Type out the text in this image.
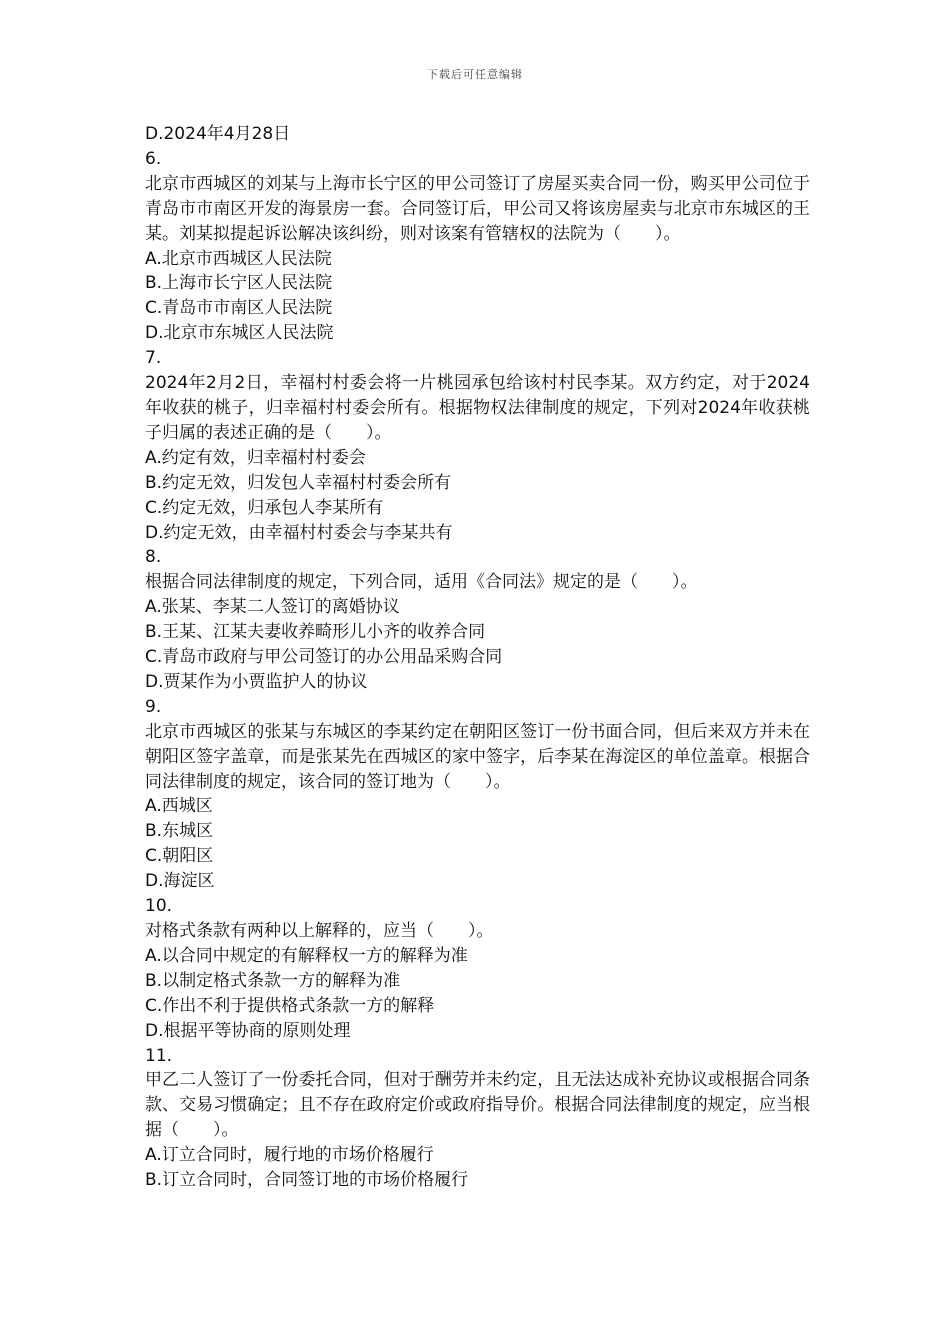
下载后可任意编辑
D.2024年4月28日
6.
北京市西城区的刘某与上海市长宁区的甲公司签订了房屋买卖合同一份，购买甲公司位于青岛市市南区开发的海景房一套。合同签订后，甲公司又将该房屋卖与北京市东城区的王某。刘某拟提起诉讼解决该纠纷，则对该案有管辖权的法院为（　　）。
A.北京市西城区人民法院
B.上海市长宁区人民法院
C.青岛市市南区人民法院
D.北京市东城区人民法院
7.
2024年2月2日，幸福村村委会将一片桃园承包给该村村民李某。双方约定，对于2024年收获的桃子，归幸福村村委会所有。根据物权法律制度的规定，下列对2024年收获桃子归属的表述正确的是（　　）。
A.约定有效，归幸福村村委会
B.约定无效，归发包人幸福村村委会所有
C.约定无效，归承包人李某所有
D.约定无效，由幸福村村委会与李某共有
8.
根据合同法律制度的规定，下列合同，适用《合同法》规定的是（　　）。
A.张某、李某二人签订的离婚协议
B.王某、江某夫妻收养畸形儿小齐的收养合同
C.青岛市政府与甲公司签订的办公用品采购合同
D.贾某作为小贾监护人的协议
9.
北京市西城区的张某与东城区的李某约定在朝阳区签订一份书面合同，但后来双方并未在朝阳区签字盖章，而是张某先在西城区的家中签字，后李某在海淀区的单位盖章。根据合同法律制度的规定，该合同的签订地为（　　）。
A.西城区
B.东城区
C.朝阳区
D.海淀区
10.
对格式条款有两种以上解释的，应当（　　）。
A.以合同中规定的有解释权一方的解释为准
B.以制定格式条款一方的解释为准
C.作出不利于提供格式条款一方的解释
D.根据平等协商的原则处理
11.
甲乙二人签订了一份委托合同，但对于酬劳并未约定，且无法达成补充协议或根据合同条款、交易习惯确定；且不存在政府定价或政府指导价。根据合同法律制度的规定，应当根据（　　）。
A.订立合同时，履行地的市场价格履行
B.订立合同时，合同签订地的市场价格履行
